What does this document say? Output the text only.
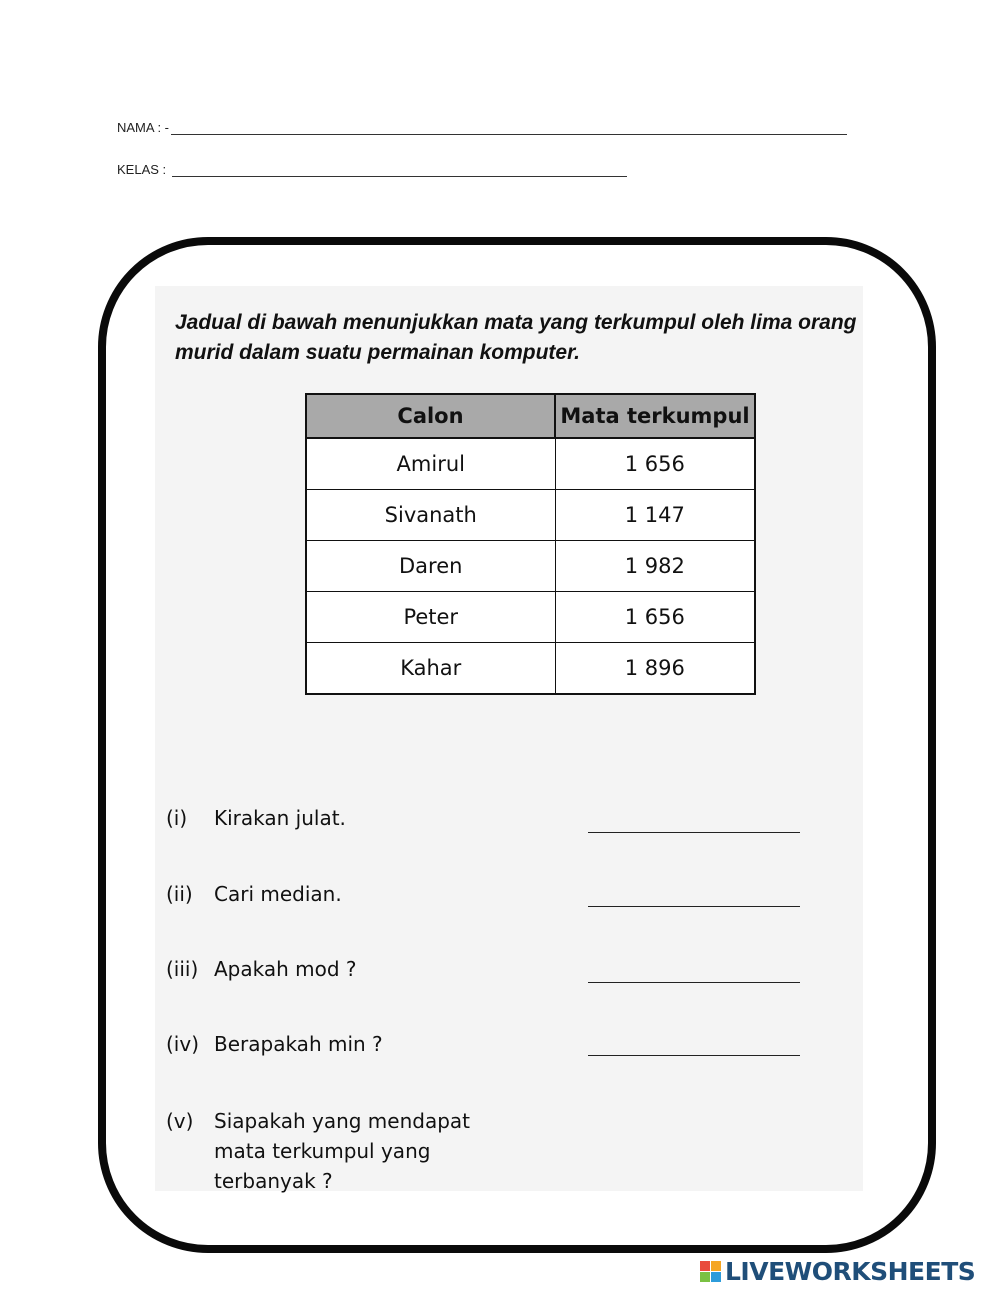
NAMA : -
KELAS :
Jadual di bawah menunjukkan mata yang terkumpul oleh lima orang murid dalam suatu permainan komputer.
Calon	Mata terkumpul
Amirul	1 656
Sivanath	1 147
Daren	1 982
Peter	1 656
Kahar	1 896
(i) Kirakan julat.
(ii) Cari median.
(iii) Apakah mod ?
(iv) Berapakah min ?
(v) Siapakah yang mendapat mata terkumpul yang terbanyak ?
LIVEWORKSHEETS
